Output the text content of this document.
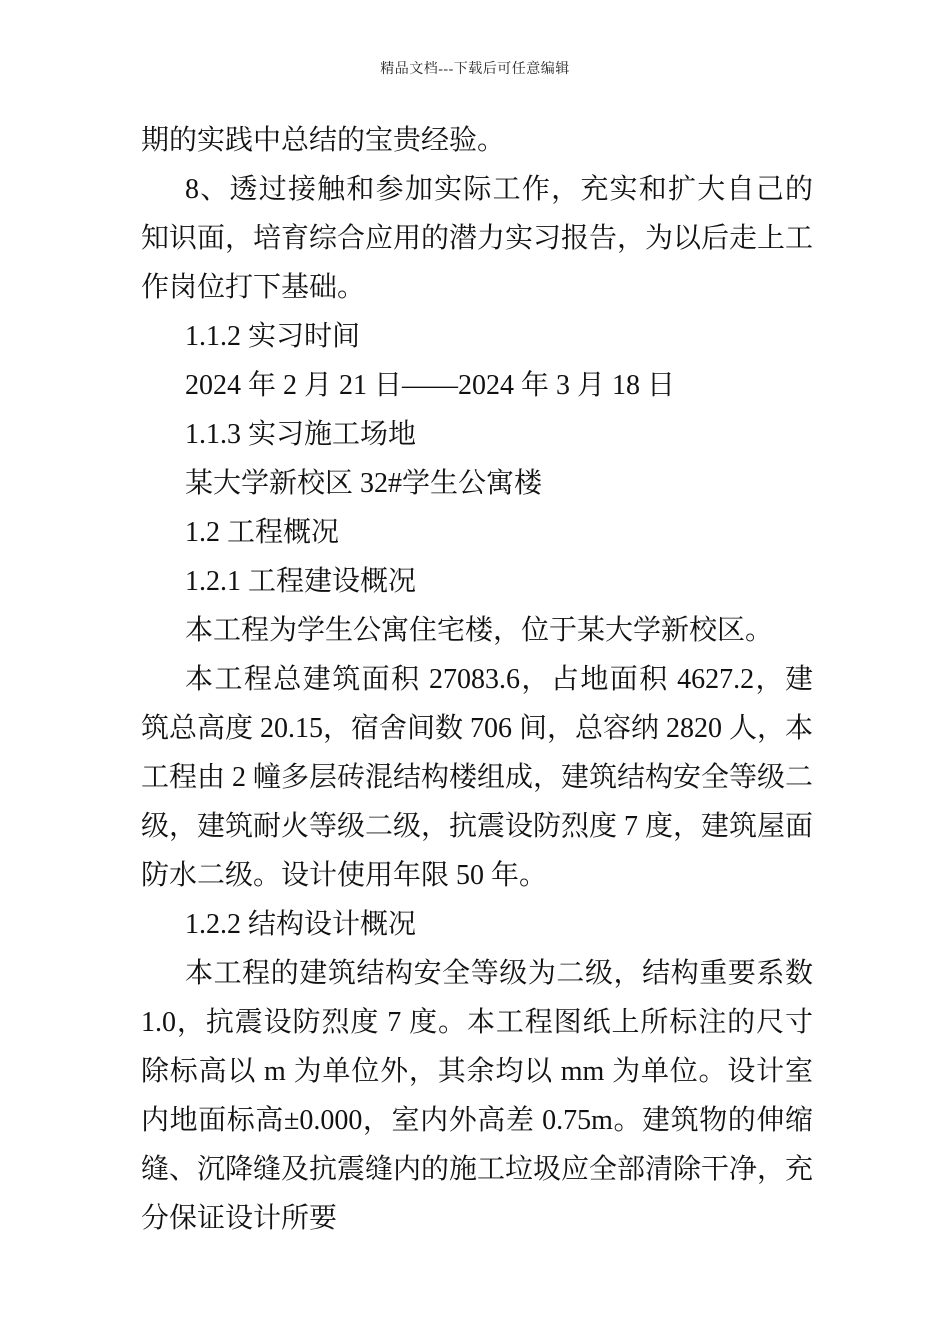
精品文档---下载后可任意编辑

期的实践中总结的宝贵经验。

8、透过接触和参加实际工作，充实和扩大自己的知识面，培育综合应用的潜力实习报告，为以后走上工作岗位打下基础。

1.1.2 实习时间

2024 年 2 月 21 日——2024 年 3 月 18 日

1.1.3 实习施工场地

某大学新校区 32#学生公寓楼

1.2 工程概况

1.2.1 工程建设概况

本工程为学生公寓住宅楼，位于某大学新校区。

本工程总建筑面积 27083.6，占地面积 4627.2，建筑总高度 20.15，宿舍间数 706 间，总容纳 2820 人，本工程由 2 幢多层砖混结构楼组成，建筑结构安全等级二级，建筑耐火等级二级，抗震设防烈度 7 度，建筑屋面防水二级。设计使用年限 50 年。

1.2.2 结构设计概况

本工程的建筑结构安全等级为二级，结构重要系数 1.0，抗震设防烈度 7 度。本工程图纸上所标注的尺寸除标高以 m 为单位外，其余均以 mm 为单位。设计室内地面标高±0.000，室内外高差 0.75m。建筑物的伸缩缝、沉降缝及抗震缝内的施工垃圾应全部清除干净，充分保证设计所要
